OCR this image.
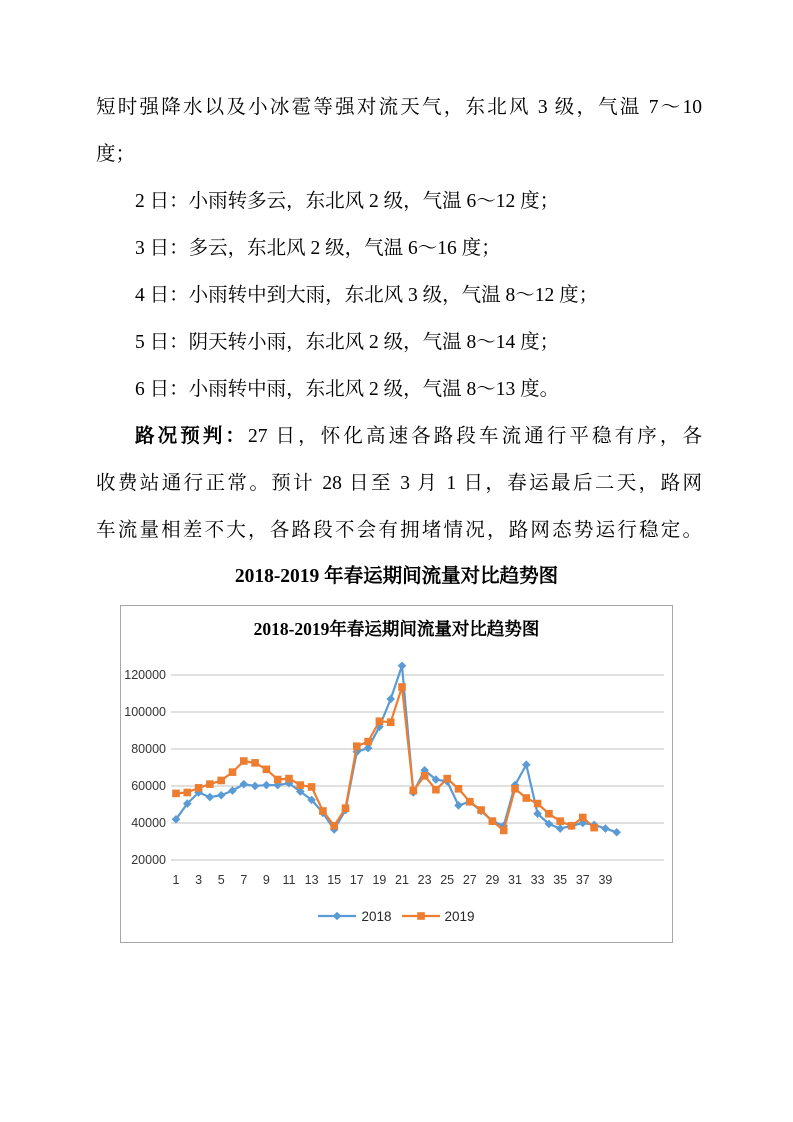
短时强降水以及小冰雹等强对流天气，东北风 3 级，气温 7～10
度；
2 日：小雨转多云，东北风 2 级，气温 6～12 度；
3 日：多云，东北风 2 级，气温 6～16 度；
4 日：小雨转中到大雨，东北风 3 级，气温 8～12 度；
5 日：阴天转小雨，东北风 2 级，气温 8～14 度；
6 日：小雨转中雨，东北风 2 级，气温 8～13 度。
路况预判：27 日，怀化高速各路段车流通行平稳有序，各
收费站通行正常。预计 28 日至 3 月 1 日，春运最后二天，路网
车流量相差不大，各路段不会有拥堵情况，路网态势运行稳定。
2018-2019 年春运期间流量对比趋势图
20000
40000
60000
80000
100000
120000
1 3 5 7 9 11 13 15 17 19 21 23 25 27 29 31 33 35 37 39
2018-2019年春运期间流量对比趋势图
2018	2019
